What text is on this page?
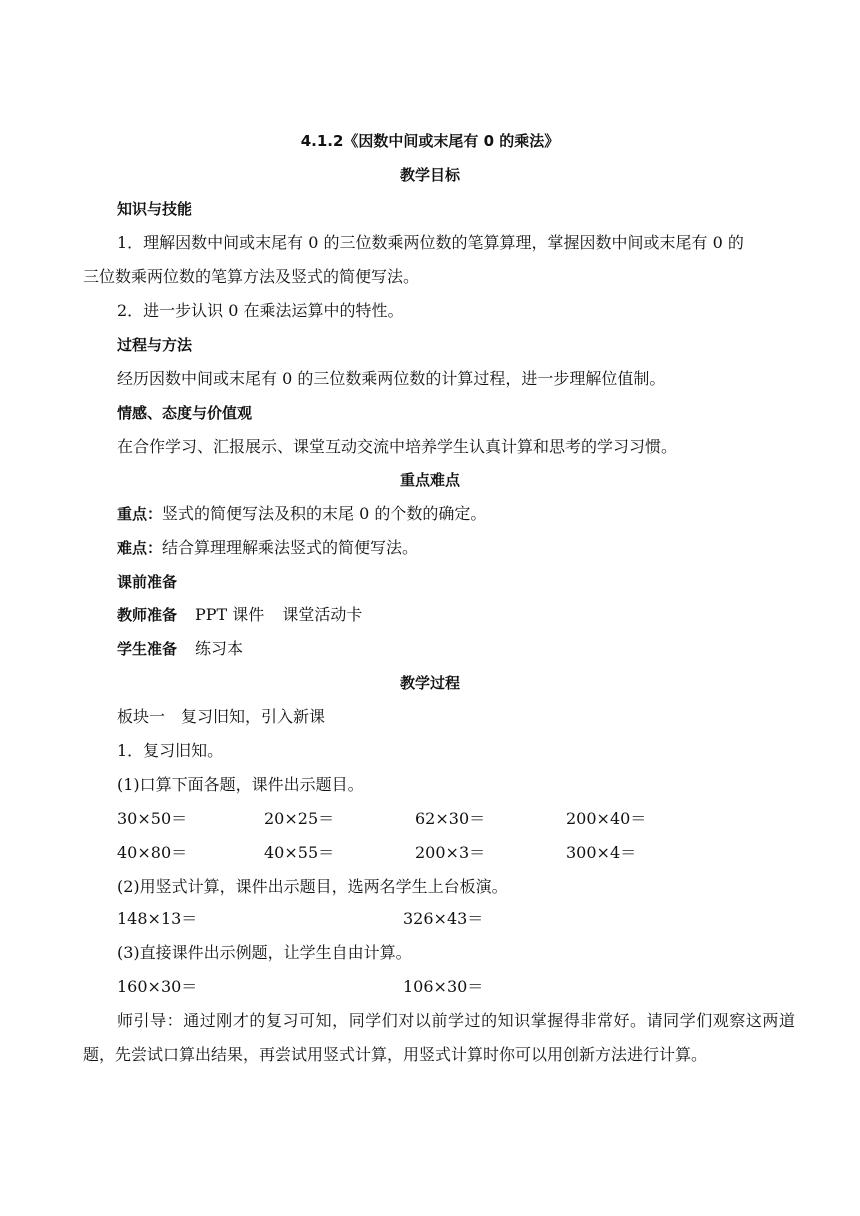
4.1.2《因数中间或末尾有 0 的乘法》
教学目标
知识与技能
1．理解因数中间或末尾有 0 的三位数乘两位数的笔算算理，掌握因数中间或末尾有 0 的
三位数乘两位数的笔算方法及竖式的简便写法。
2．进一步认识 0 在乘法运算中的特性。
过程与方法
经历因数中间或末尾有 0 的三位数乘两位数的计算过程，进一步理解位值制。
情感、态度与价值观
在合作学习、汇报展示、课堂互动交流中培养学生认真计算和思考的学习习惯。
重点难点
重点：竖式的简便写法及积的末尾 0 的个数的确定。
难点：结合算理理解乘法竖式的简便写法。
课前准备
教师准备 PPT 课件 课堂活动卡
学生准备 练习本
教学过程
板块一　复习旧知，引入新课
1．复习旧知。
(1)口算下面各题，课件出示题目。
30×50＝	20×25＝	62×30＝	200×40＝
40×80＝	40×55＝	200×3＝	300×4＝
(2)用竖式计算，课件出示题目，选两名学生上台板演。
148×13＝	326×43＝
(3)直接课件出示例题，让学生自由计算。
160×30＝	106×30＝
师引导：通过刚才的复习可知，同学们对以前学过的知识掌握得非常好。请同学们观察这两道题，先尝试口算出结果，再尝试用竖式计算，用竖式计算时你可以用创新方法进行计算。
